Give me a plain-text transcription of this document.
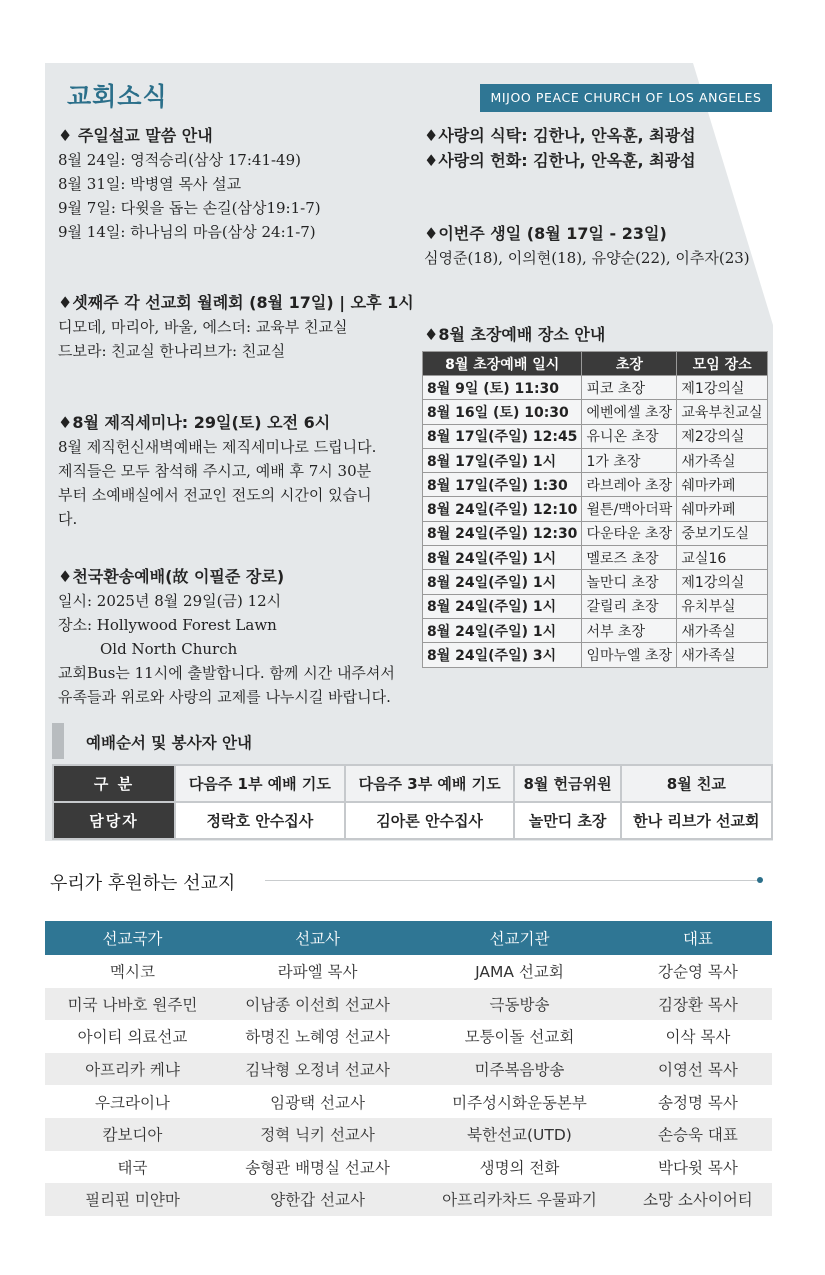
교회소식	MIJOO PEACE CHURCH OF LOS ANGELES
♦ 주일설교 말씀 안내
8월 24일: 영적승리(삼상 17:41-49)
8월 31일: 박병열 목사 설교
9월 7일: 다윗을 돕는 손길(삼상19:1-7)
9월 14일: 하나님의 마음(삼상 24:1-7)
♦셋째주 각 선교회 월례회 (8월 17일) | 오후 1시
디모데, 마리아, 바울, 에스더: 교육부 친교실
드보라: 친교실 한나리브가: 친교실
♦8월 제직세미나: 29일(토) 오전 6시
8월 제직헌신새벽예배는 제직세미나로 드립니다.
제직들은 모두 참석해 주시고, 예배 후 7시 30분
부터 소예배실에서 전교인 전도의 시간이 있습니
다.
♦천국환송예배(故 이필준 장로)
일시: 2025년 8월 29일(금) 12시
장소: Hollywood Forest Lawn
Old North Church
교회Bus는 11시에 출발합니다. 함께 시간 내주셔서
유족들과 위로와 사랑의 교제를 나누시길 바랍니다.
♦사랑의 식탁: 김한나, 안옥훈, 최광섭
♦사랑의 헌화: 김한나, 안옥훈, 최광섭
♦이번주 생일 (8월 17일 - 23일)
심영준(18), 이의현(18), 유양순(22), 이추자(23)
♦8월 초장예배 장소 안내
8월 초장예배 일시	초장	모임 장소
8월 9일 (토) 11:30	피코 초장	제1강의실
8월 16일 (토) 10:30	에벤에셀 초장	교육부친교실
8월 17일(주일) 12:45	유니온 초장	제2강의실
8월 17일(주일) 1시	1가 초장	새가족실
8월 17일(주일) 1:30	라브레아 초장	쉐마카페
8월 24일(주일) 12:10	윌튼/맥아더팍	쉐마카페
8월 24일(주일) 12:30	다운타운 초장	중보기도실
8월 24일(주일) 1시	멜로즈 초장	교실16
8월 24일(주일) 1시	놀만디 초장	제1강의실
8월 24일(주일) 1시	갈릴리 초장	유치부실
8월 24일(주일) 1시	서부 초장	새가족실
8월 24일(주일) 3시	임마누엘 초장	새가족실
예배순서 및 봉사자 안내
구 분	다음주 1부 예배 기도	다음주 3부 예배 기도	8월 헌금위원	8월 친교
담당자	정락호 안수집사	김아론 안수집사	놀만디 초장	한나 리브가 선교회
우리가 후원하는 선교지
선교국가	선교사	선교기관	대표
멕시코	라파엘 목사	JAMA 선교회	강순영 목사
미국 나바호 원주민	이남종 이선희 선교사	극동방송	김장환 목사
아이티 의료선교	하명진 노혜영 선교사	모퉁이돌 선교회	이삭 목사
아프리카 케냐	김낙형 오정녀 선교사	미주복음방송	이영선 목사
우크라이나	임광택 선교사	미주성시화운동본부	송정명 목사
캄보디아	정혁 닉키 선교사	북한선교(UTD)	손승욱 대표
태국	송형관 배명실 선교사	생명의 전화	박다윗 목사
필리핀 미얀마	양한갑 선교사	아프리카차드 우물파기	소망 소사이어티
